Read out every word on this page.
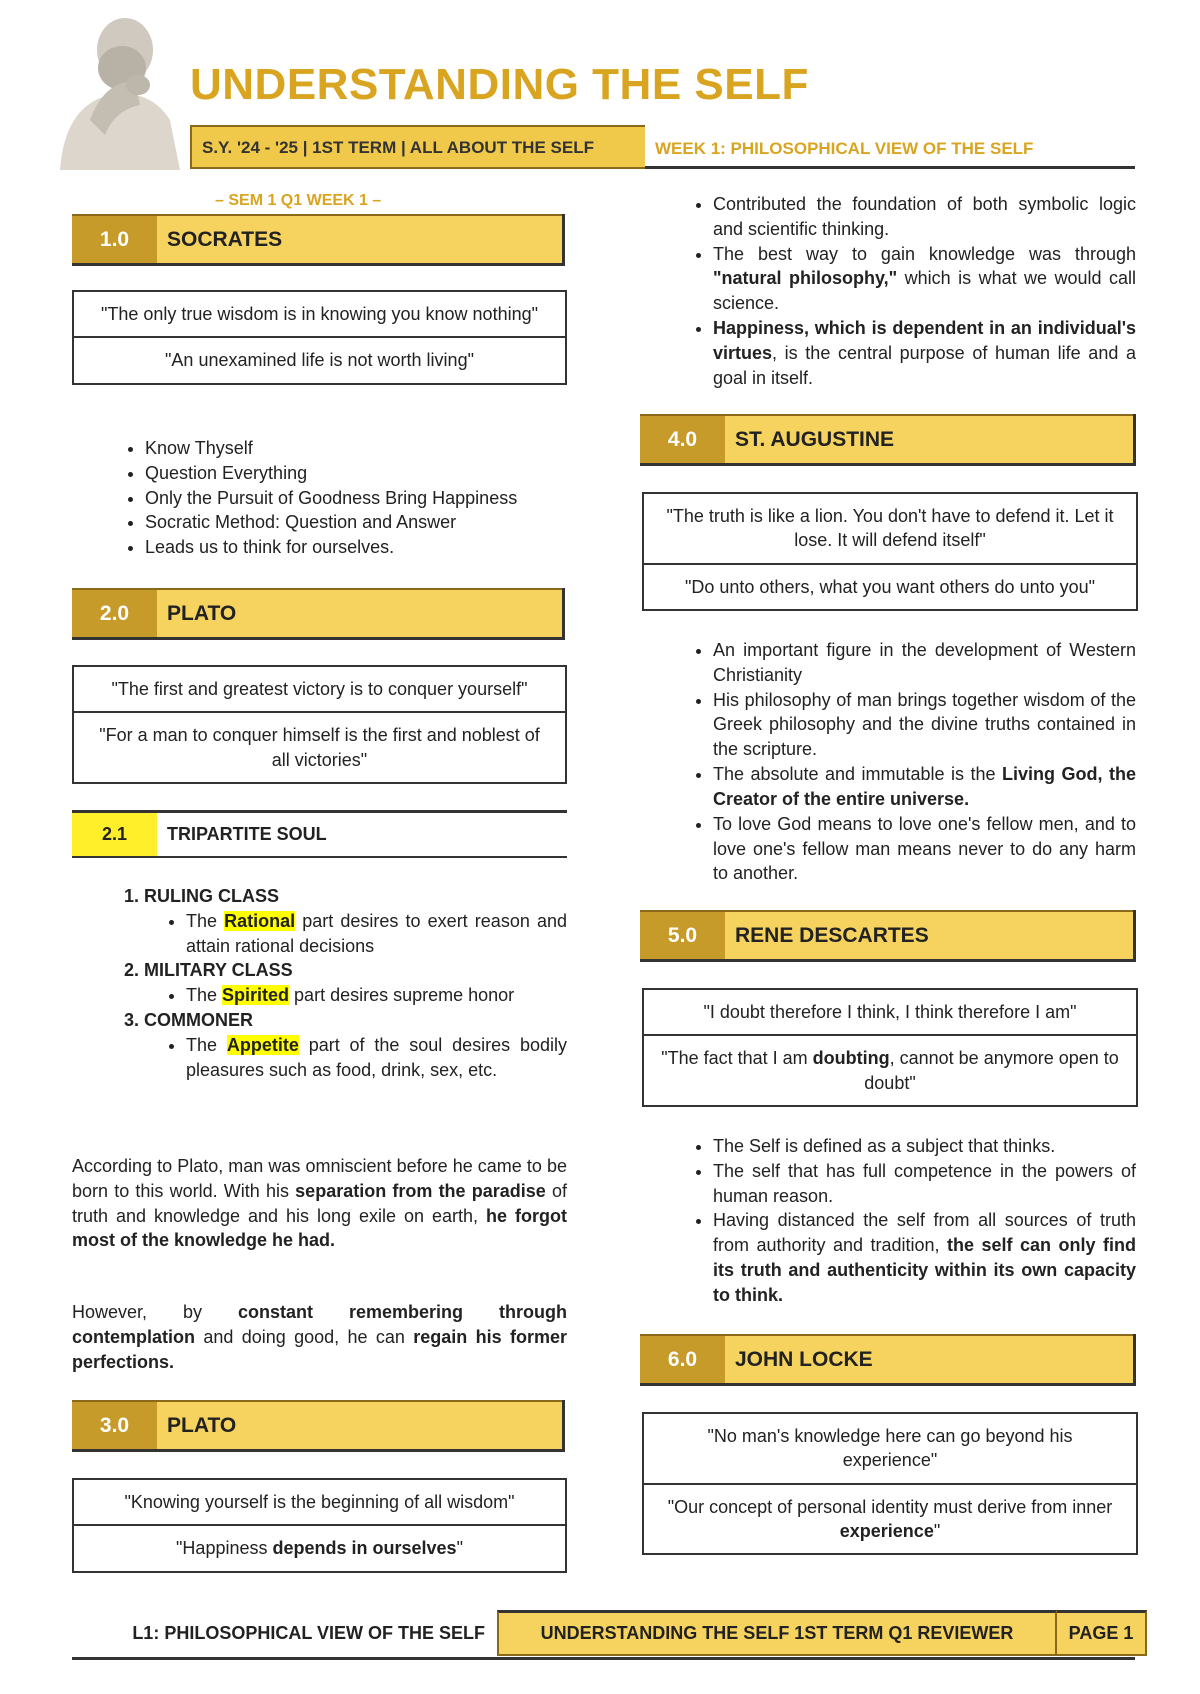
UNDERSTANDING THE SELF
S.Y. '24 - '25 | 1ST TERM | ALL ABOUT THE SELF	WEEK 1: PHILOSOPHICAL VIEW OF THE SELF
– SEM 1 Q1 WEEK 1 –
1.0	SOCRATES
"The only true wisdom is in knowing you know nothing"
"An unexamined life is not worth living"
• Know Thyself
• Question Everything
• Only the Pursuit of Goodness Bring Happiness
• Socratic Method: Question and Answer
• Leads us to think for ourselves.
2.0	PLATO
"The first and greatest victory is to conquer yourself"
"For a man to conquer himself is the first and noblest of all victories"
2.1	TRIPARTITE SOUL
1. RULING CLASS
• The Rational part desires to exert reason and attain rational decisions
2. MILITARY CLASS
• The Spirited part desires supreme honor
3. COMMONER
• The Appetite part of the soul desires bodily pleasures such as food, drink, sex, etc.

According to Plato, man was omniscient before he came to be born to this world. With his separation from the paradise of truth and knowledge and his long exile on earth, he forgot most of the knowledge he had.

However, by constant remembering through contemplation and doing good, he can regain his former perfections.

3.0	PLATO
"Knowing yourself is the beginning of all wisdom"
"Happiness depends in ourselves"
• Contributed the foundation of both symbolic logic and scientific thinking.
• The best way to gain knowledge was through "natural philosophy," which is what we would call science.
• Happiness, which is dependent in an individual's virtues, is the central purpose of human life and a goal in itself.
4.0	ST. AUGUSTINE
"The truth is like a lion. You don't have to defend it. Let it lose. It will defend itself"
"Do unto others, what you want others do unto you"
• An important figure in the development of Western Christianity
• His philosophy of man brings together wisdom of the Greek philosophy and the divine truths contained in the scripture.
• The absolute and immutable is the Living God, the Creator of the entire universe.
• To love God means to love one's fellow men, and to love one's fellow man means never to do any harm to another.
5.0	RENE DESCARTES
"I doubt therefore I think, I think therefore I am"
"The fact that I am doubting, cannot be anymore open to doubt"
• The Self is defined as a subject that thinks.
• The self that has full competence in the powers of human reason.
• Having distanced the self from all sources of truth from authority and tradition, the self can only find its truth and authenticity within its own capacity to think.
6.0	JOHN LOCKE
"No man's knowledge here can go beyond his experience"
"Our concept of personal identity must derive from inner experience"
L1: PHILOSOPHICAL VIEW OF THE SELF	UNDERSTANDING THE SELF 1ST TERM Q1 REVIEWER	PAGE 1
